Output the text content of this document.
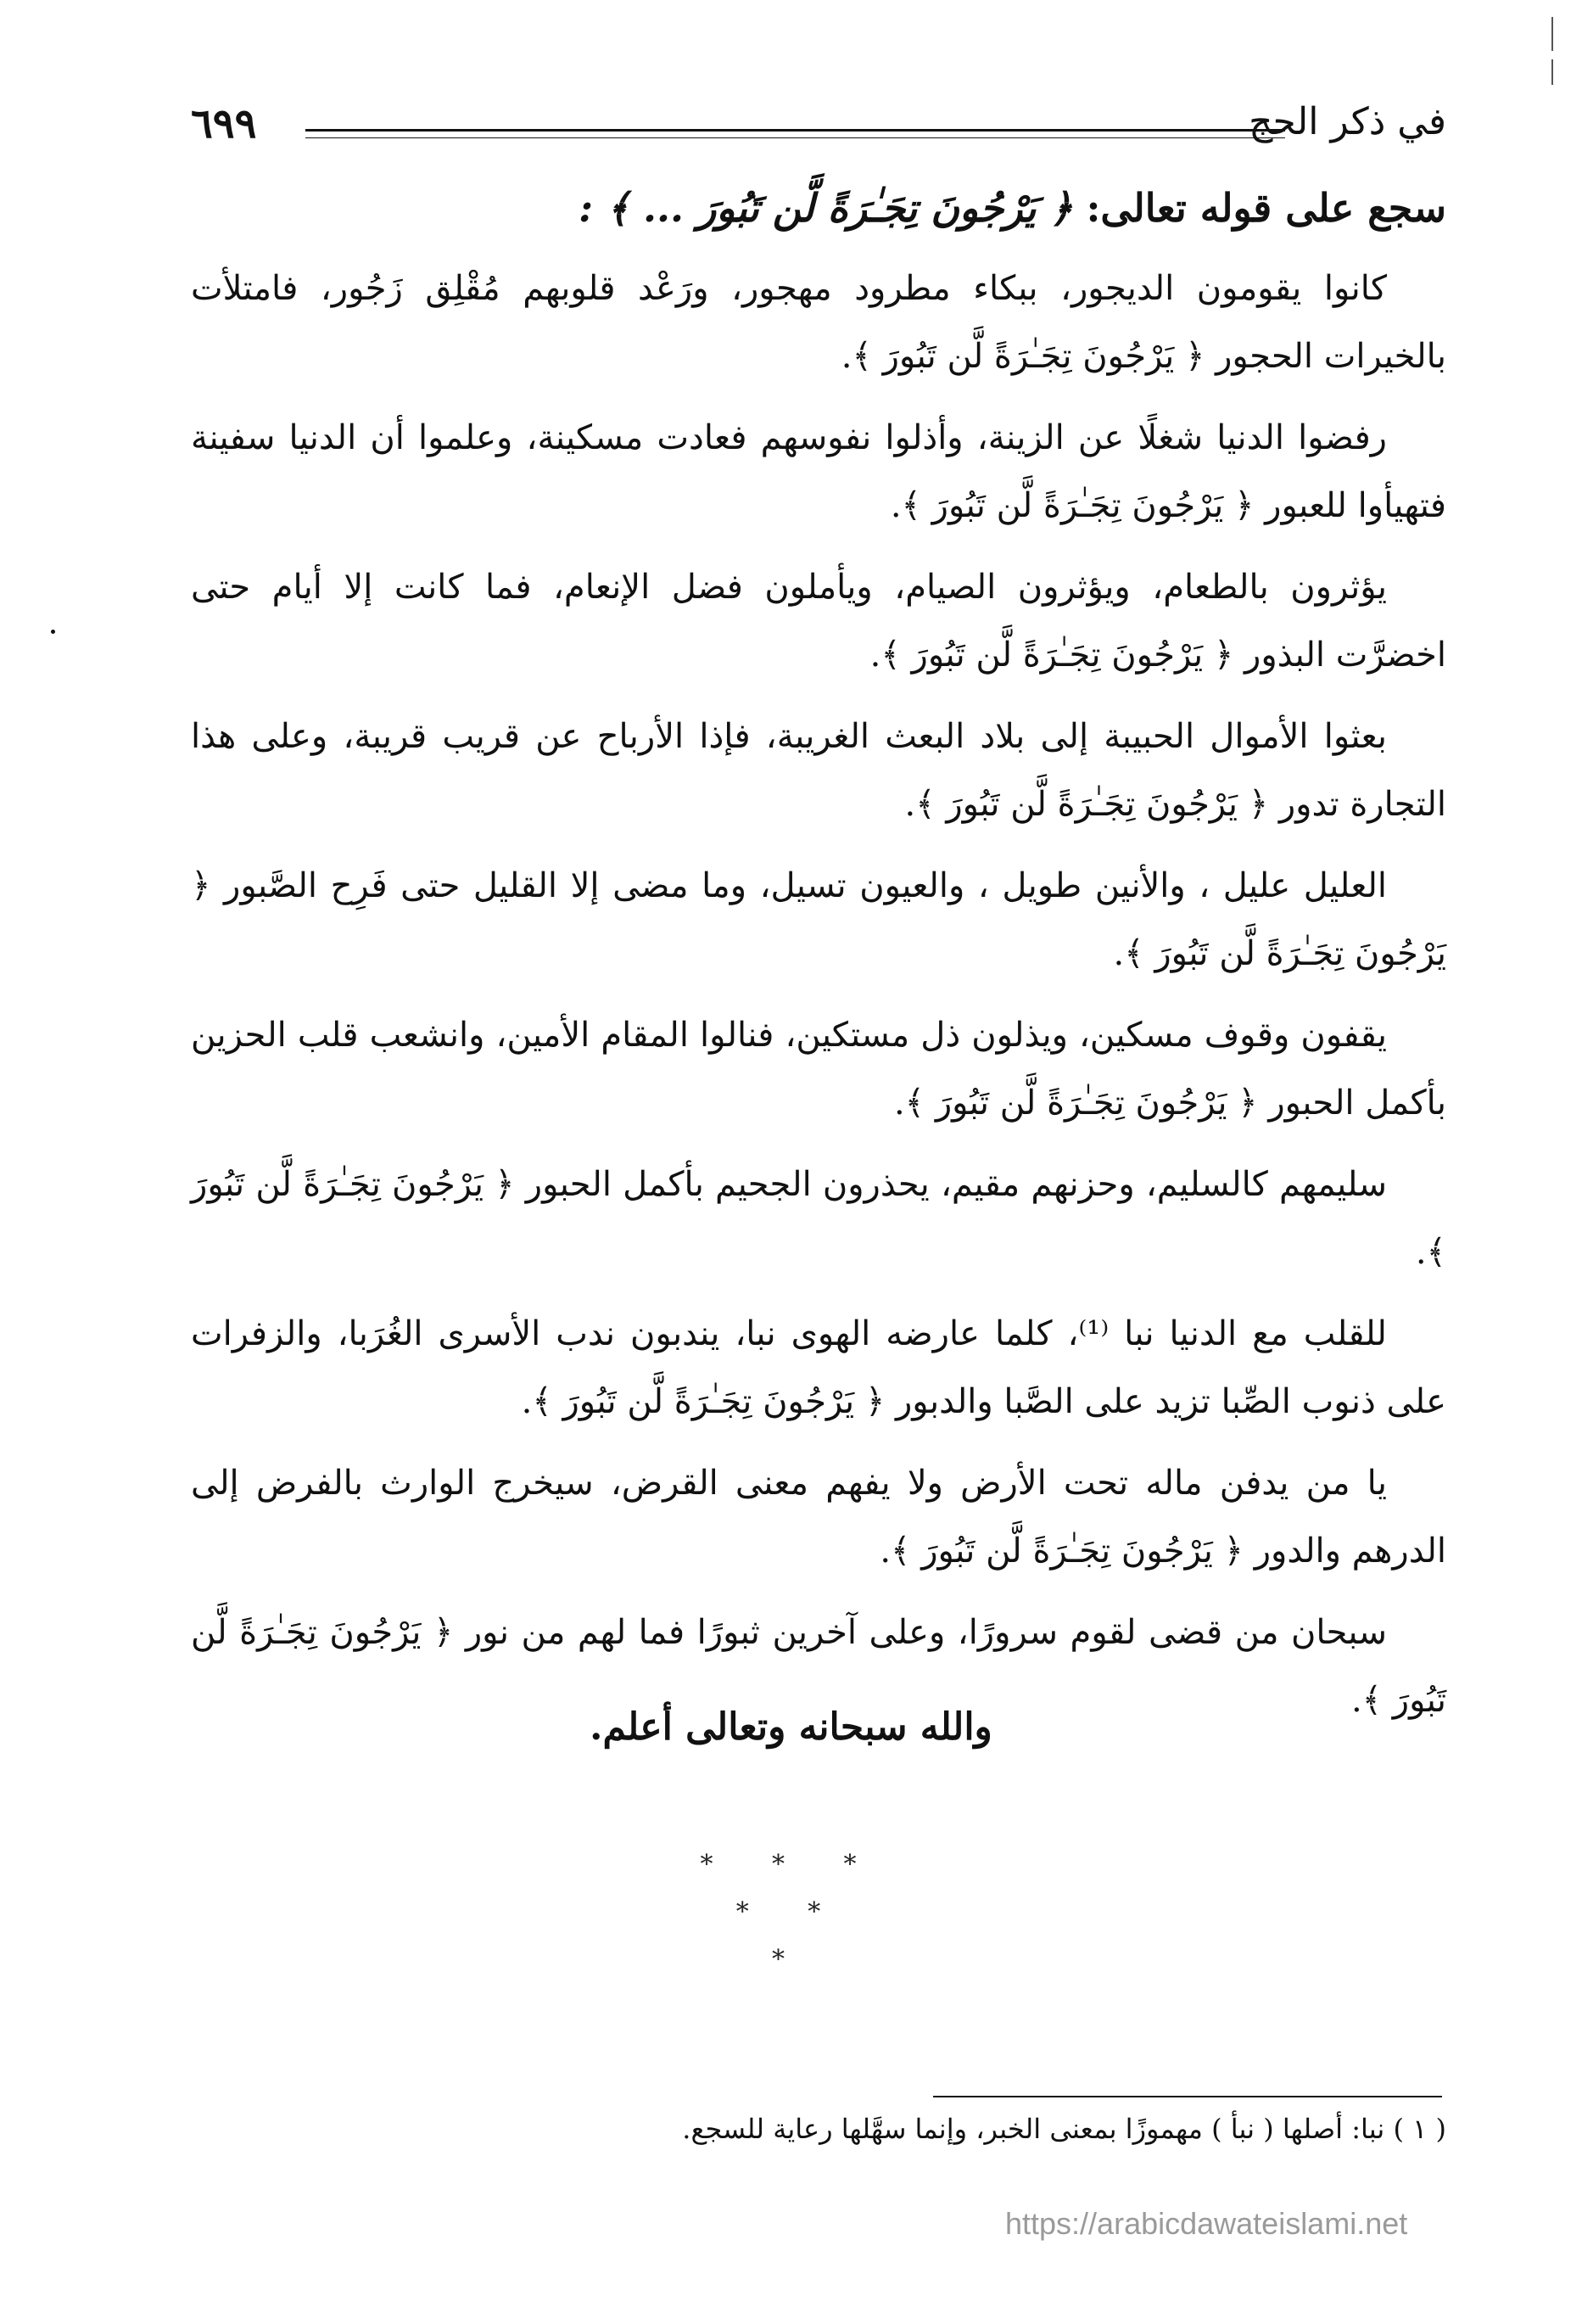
في ذكر الحج
٦٩٩
سجع على قوله تعالى: ﴿ يَرْجُونَ تِجَـٰرَةً لَّن تَبُورَ ... ﴾ :

كانوا يقومون الديجور، ببكاء مطرود مهجور، ورَعْد قلوبهم مُقْلِق زَجُور، فامتلأت بالخيرات الحجور ﴿ يَرْجُونَ تِجَـٰرَةً لَّن تَبُورَ ﴾.

رفضوا الدنيا شغلًا عن الزينة، وأذلوا نفوسهم فعادت مسكينة، وعلموا أن الدنيا سفينة فتهيأوا للعبور ﴿ يَرْجُونَ تِجَـٰرَةً لَّن تَبُورَ ﴾.

يؤثرون بالطعام، ويؤثرون الصيام، ويأملون فضل الإنعام، فما كانت إلا أيام حتى اخضرَّت البذور ﴿ يَرْجُونَ تِجَـٰرَةً لَّن تَبُورَ ﴾.

بعثوا الأموال الحبيبة إلى بلاد البعث الغريبة، فإذا الأرباح عن قريب قريبة، وعلى هذا التجارة تدور ﴿ يَرْجُونَ تِجَـٰرَةً لَّن تَبُورَ ﴾.

العليل عليل ، والأنين طويل ، والعيون تسيل، وما مضى إلا القليل حتى فَرِح الصَّبور ﴿ يَرْجُونَ تِجَـٰرَةً لَّن تَبُورَ ﴾.

يقفون وقوف مسكين، ويذلون ذل مستكين، فنالوا المقام الأمين، وانشعب قلب الحزين بأكمل الحبور ﴿ يَرْجُونَ تِجَـٰرَةً لَّن تَبُورَ ﴾.

سليمهم كالسليم، وحزنهم مقيم، يحذرون الجحيم بأكمل الحبور ﴿ يَرْجُونَ تِجَـٰرَةً لَّن تَبُورَ ﴾.

للقلب مع الدنيا نبا ⁽¹⁾، كلما عارضه الهوى نبا، يندبون ندب الأسرى الغُرَبا، والزفرات على ذنوب الصِّبا تزيد على الصَّبا والدبور ﴿ يَرْجُونَ تِجَـٰرَةً لَّن تَبُورَ ﴾.

يا من يدفن ماله تحت الأرض ولا يفهم معنى القرض، سيخرج الوارث بالفرض إلى الدرهم والدور ﴿ يَرْجُونَ تِجَـٰرَةً لَّن تَبُورَ ﴾.

سبحان من قضى لقوم سرورًا، وعلى آخرين ثبورًا فما لهم من نور ﴿ يَرْجُونَ تِجَـٰرَةً لَّن تَبُورَ ﴾.

والله سبحانه وتعالى أعلم.
* * *
* *
*
( ١ ) نبا: أصلها ( نبأ ) مهموزًا بمعنى الخبر، وإنما سهَّلها رعاية للسجع.
https://arabicdawateislami.net
